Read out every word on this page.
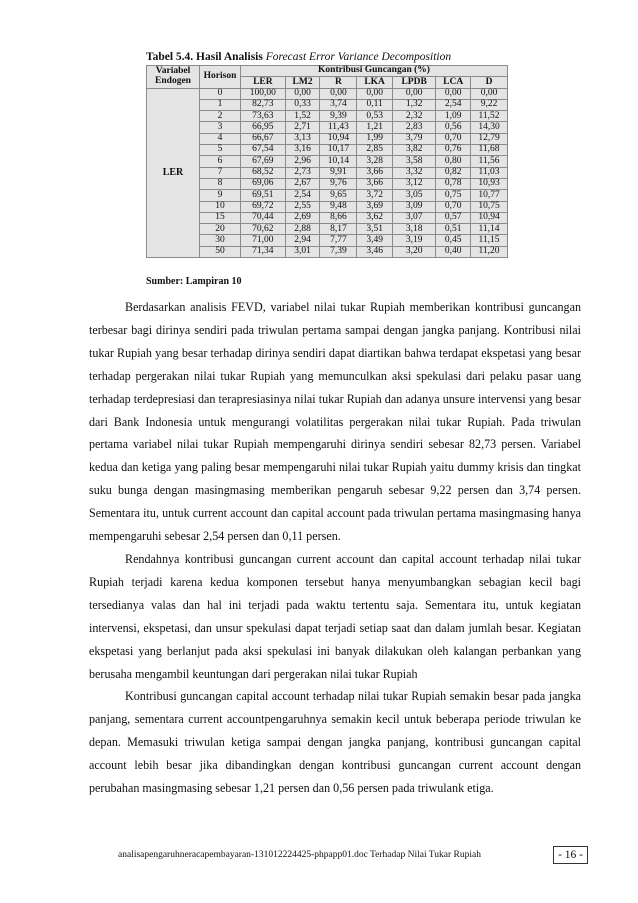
Tabel 5.4. Hasil Analisis Forecast Error Variance Decomposition
Variabel Endogen	Horison	Kontribusi Guncangan (%)						
		LER	LM2	R	LKA	LPDB	LCA	D
LER	0	100,00	0,00	0,00	0,00	0,00	0,00	0,00
	1	82,73	0,33	3,74	0,11	1,32	2,54	9,22
	2	73,63	1,52	9,39	0,53	2,32	1,09	11,52
	3	66,95	2,71	11,43	1,21	2,83	0,56	14,30
	4	66,67	3,13	10,94	1,99	3,79	0,70	12,79
	5	67,54	3,16	10,17	2,85	3,82	0,76	11,68
	6	67,69	2,96	10,14	3,28	3,58	0,80	11,56
	7	68,52	2,73	9,91	3,66	3,32	0,82	11,03
	8	69,06	2,67	9,76	3,66	3,12	0,78	10,93
	9	69,51	2,54	9,65	3,72	3,05	0,75	10,77
	10	69,72	2,55	9,48	3,69	3,09	0,70	10,75
	15	70,44	2,69	8,66	3,62	3,07	0,57	10,94
	20	70,62	2,88	8,17	3,51	3,18	0,51	11,14
	30	71,00	2,94	7,77	3,49	3,19	0,45	11,15
	50	71,34	3,01	7,39	3,46	3,20	0,40	11,20
Sumber: Lampiran 10

Berdasarkan analisis FEVD, variabel nilai tukar Rupiah memberikan kontribusi guncangan terbesar bagi dirinya sendiri pada triwulan pertama sampai dengan jangka panjang. Kontribusi nilai tukar Rupiah yang besar terhadap dirinya sendiri dapat diartikan bahwa terdapat ekspetasi yang besar terhadap pergerakan nilai tukar Rupiah yang memunculkan aksi spekulasi dari pelaku pasar uang terhadap terdepresiasi dan terapresiasinya nilai tukar Rupiah dan adanya unsure intervensi yang besar dari Bank Indonesia untuk mengurangi volatilitas pergerakan nilai tukar Rupiah. Pada triwulan pertama variabel nilai tukar Rupiah mempengaruhi dirinya sendiri sebesar 82,73 persen. Variabel kedua dan ketiga yang paling besar mempengaruhi nilai tukar Rupiah yaitu dummy krisis dan tingkat suku bunga dengan masingmasing memberikan pengaruh sebesar 9,22 persen dan 3,74 persen. Sementara itu, untuk current account dan capital account pada triwulan pertama masingmasing hanya mempengaruhi sebesar 2,54 persen dan 0,11 persen.

Rendahnya kontribusi guncangan current account dan capital account terhadap nilai tukar Rupiah terjadi karena kedua komponen tersebut hanya menyumbangkan sebagian kecil bagi tersedianya valas dan hal ini terjadi pada waktu tertentu saja. Sementara itu, untuk kegiatan intervensi, ekspetasi, dan unsur spekulasi dapat terjadi setiap saat dan dalam jumlah besar. Kegiatan ekspetasi yang berlanjut pada aksi spekulasi ini banyak dilakukan oleh kalangan perbankan yang berusaha mengambil keuntungan dari pergerakan nilai tukar Rupiah

Kontribusi guncangan capital account terhadap nilai tukar Rupiah semakin besar pada jangka panjang, sementara current accountpengaruhnya semakin kecil untuk beberapa periode triwulan ke depan. Memasuki triwulan ketiga sampai dengan jangka panjang, kontribusi guncangan capital account lebih besar jika dibandingkan dengan kontribusi guncangan current account dengan perubahan masingmasing sebesar 1,21 persen dan 0,56 persen pada triwulank etiga.

analisapengaruhneracapembayaran-131012224425-phpapp01.doc Terhadap Nilai Tukar Rupiah	- 16 -
